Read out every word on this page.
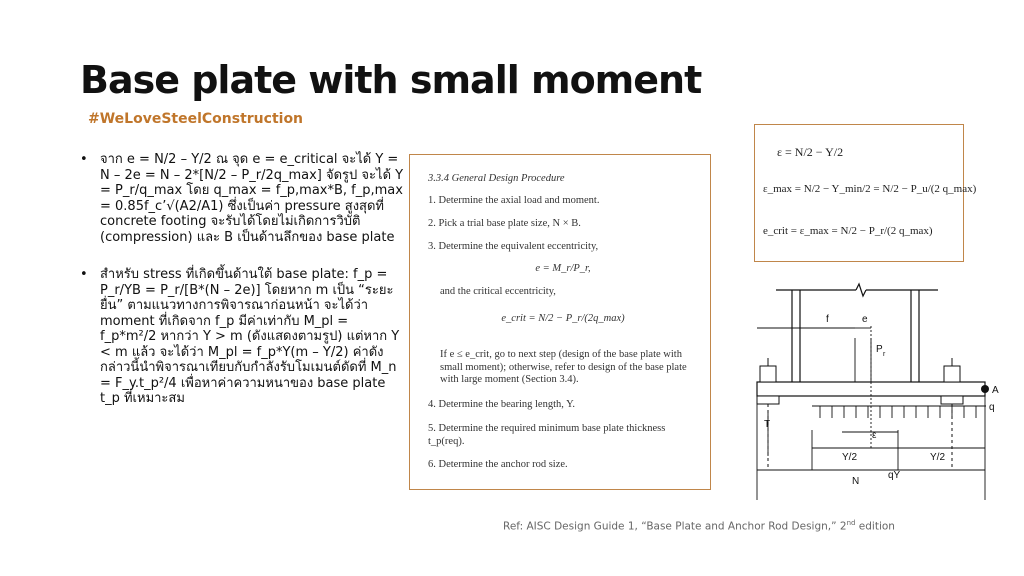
Base plate with small moment
#WeLoveSteelConstruction
• จาก e = N/2 – Y/2 ณ จุด e = e_critical จะได้ Y = N – 2e = N – 2*[N/2 – P_r/2q_max] จัดรูป จะได้ Y = P_r/q_max โดย q_max = f_p,max*B, f_p,max = 0.85f_c’√(A2/A1) ซึ่งเป็นค่า pressure สูงสุดที่ concrete footing จะรับได้โดยไม่เกิดการวิบัติ (compression) และ B เป็นด้านลึกของ base plate
• สำหรับ stress ที่เกิดขึ้นด้านใต้ base plate: f_p = P_r/YB = P_r/[B*(N – 2e)] โดยหาก m เป็น “ระยะยื่น” ตามแนวทางการพิจารณาก่อนหน้า จะได้ว่า moment ที่เกิดจาก f_p มีค่าเท่ากับ M_pl = f_p*m²/2 หากว่า Y > m (ดังแสดงตามรูป) แต่หาก Y < m แล้ว จะได้ว่า M_pl = f_p*Y(m – Y/2) ค่าดังกล่าวนี้นำพิจารณาเทียบกับกำลังรับโมเมนต์ดัดที่ M_n = F_y.t_p²/4 เพื่อหาค่าความหนาของ base plate t_p ที่เหมาะสม
3.3.4 General Design Procedure
1. Determine the axial load and moment.
2. Pick a trial base plate size, N × B.
3. Determine the equivalent eccentricity,
e = M_r/P_r,
and the critical eccentricity,
e_crit = N/2 − P_r/(2q_max)
If e ≤ e_crit, go to next step (design of the base plate with small moment); otherwise, refer to design of the base plate with large moment (Section 3.4).
4. Determine the bearing length, Y.
5. Determine the required minimum base plate thickness t_p(req).
6. Determine the anchor rod size.
ε = N/2 − Y/2
ε_max = N/2 − Y_min/2 = N/2 − P_u/(2 q_max)
e_crit = ε_max = N/2 − P_r/(2 q_max)
f	e
P r
A
q
T
ε
Y/2	Y/2
qY
N
Ref: AISC Design Guide 1, “Base Plate and Anchor Rod Design,” 2nd edition
